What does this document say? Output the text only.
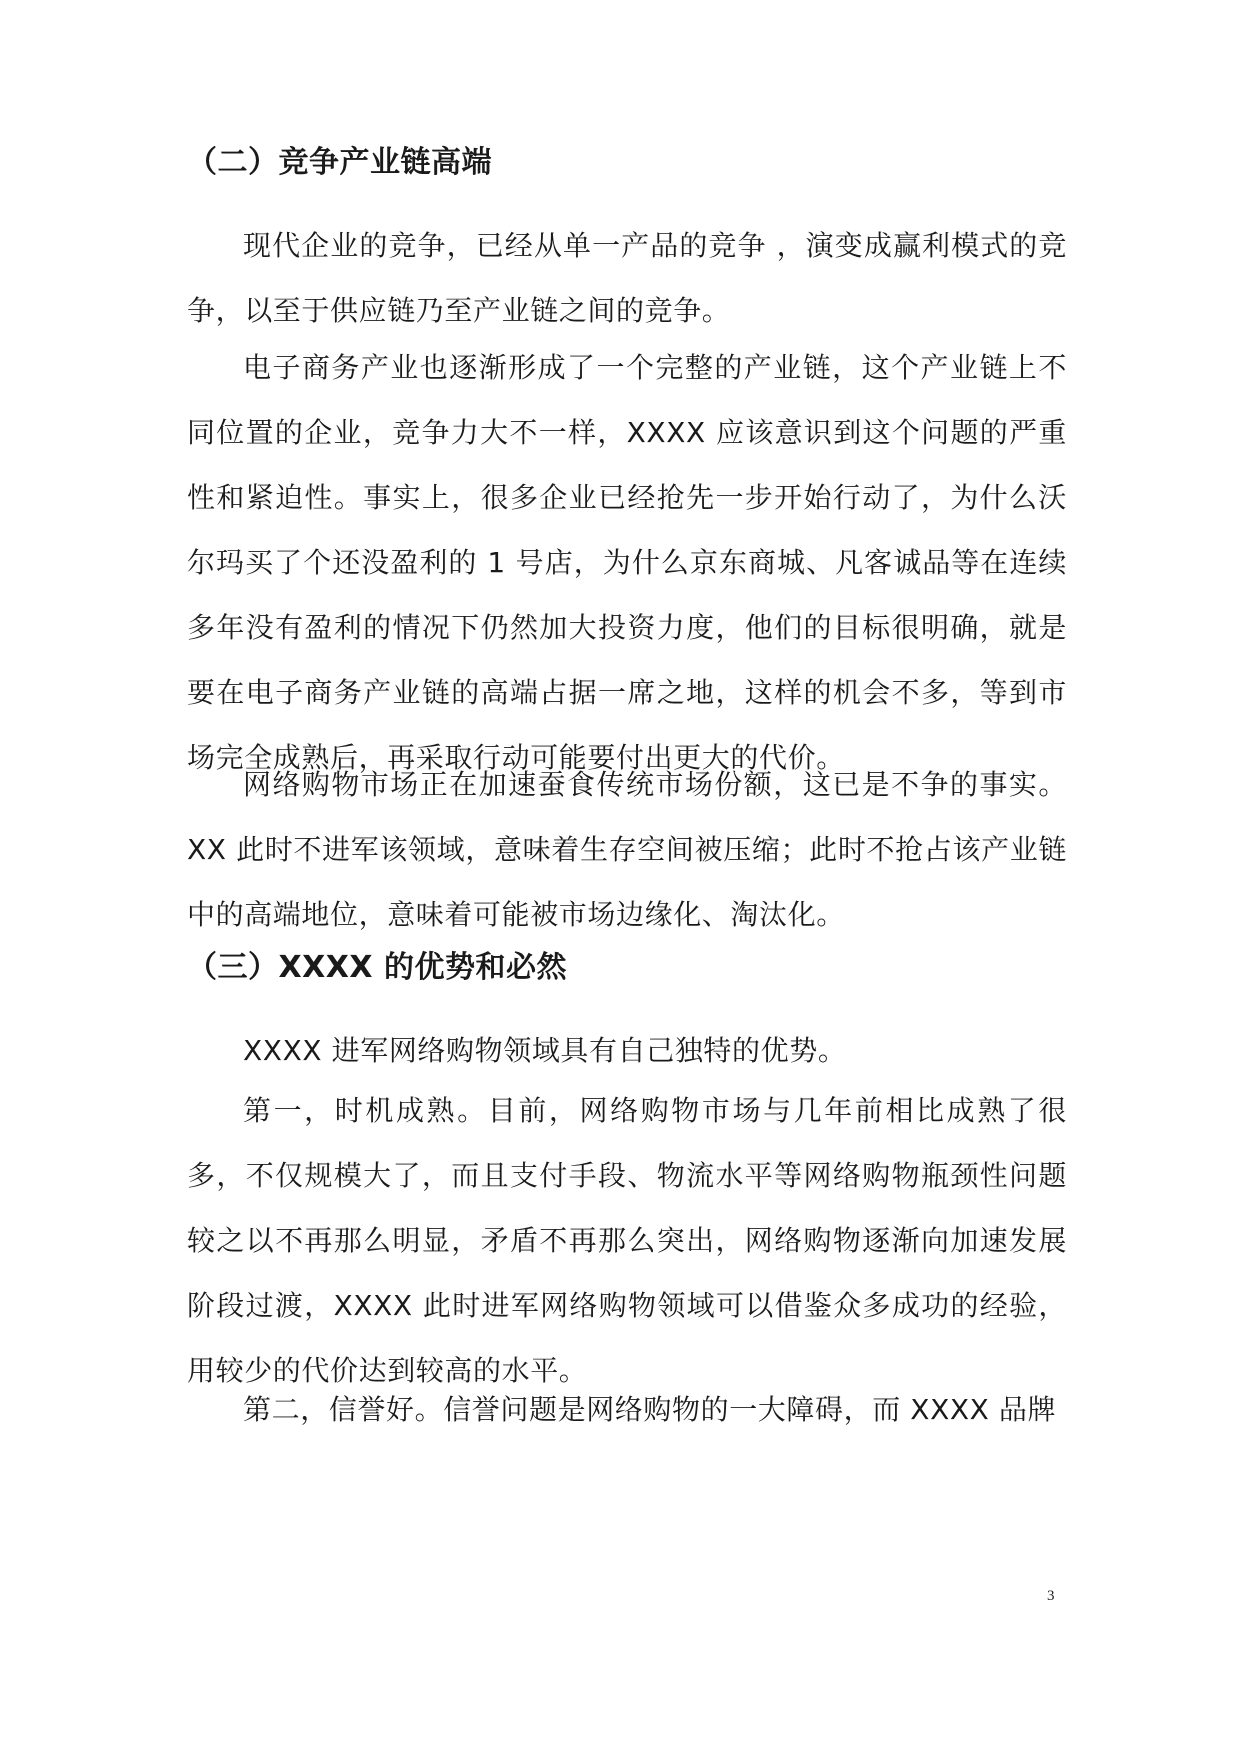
（二）竞争产业链高端

现代企业的竞争，已经从单一产品的竞争 ，演变成赢利模式的竞争，以至于供应链乃至产业链之间的竞争。

电子商务产业也逐渐形成了一个完整的产业链，这个产业链上不同位置的企业，竞争力大不一样，XXXX 应该意识到这个问题的严重性和紧迫性。事实上，很多企业已经抢先一步开始行动了，为什么沃尔玛买了个还没盈利的 1 号店，为什么京东商城、凡客诚品等在连续多年没有盈利的情况下仍然加大投资力度，他们的目标很明确，就是要在电子商务产业链的高端占据一席之地，这样的机会不多，等到市场完全成熟后，再采取行动可能要付出更大的代价。

网络购物市场正在加速蚕食传统市场份额，这已是不争的事实。XX 此时不进军该领域，意味着生存空间被压缩；此时不抢占该产业链中的高端地位，意味着可能被市场边缘化、淘汰化。

（三）XXXX 的优势和必然

XXXX 进军网络购物领域具有自己独特的优势。

第一，时机成熟。目前，网络购物市场与几年前相比成熟了很多，不仅规模大了，而且支付手段、物流水平等网络购物瓶颈性问题较之以不再那么明显，矛盾不再那么突出，网络购物逐渐向加速发展阶段过渡，XXXX 此时进军网络购物领域可以借鉴众多成功的经验，用较少的代价达到较高的水平。

第二，信誉好。信誉问题是网络购物的一大障碍，而 XXXX 品牌

3
